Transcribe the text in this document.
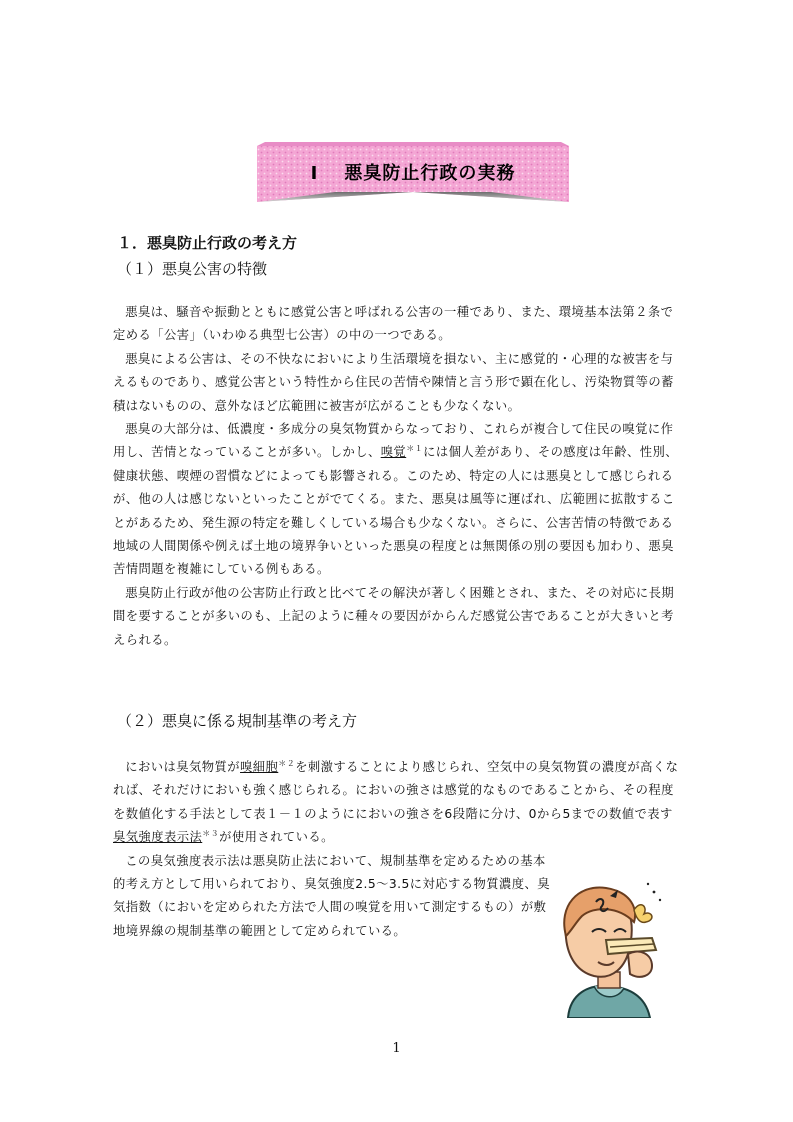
Ⅰ 悪臭防止行政の実務
１．悪臭防止行政の考え方
（１）悪臭公害の特徴

悪臭は、騒音や振動とともに感覚公害と呼ばれる公害の一種であり、また、環境基本法第２条で定める「公害」（いわゆる典型七公害）の中の一つである。

悪臭による公害は、その不快なにおいにより生活環境を損ない、主に感覚的・心理的な被害を与えるものであり、感覚公害という特性から住民の苦情や陳情と言う形で顕在化し、汚染物質等の蓄積はないものの、意外なほど広範囲に被害が広がることも少なくない。

悪臭の大部分は、低濃度・多成分の臭気物質からなっており、これらが複合して住民の嗅覚に作用し、苦情となっていることが多い。しかし、嗅覚$^{*1}$には個人差があり、その感度は年齢、性別、健康状態、喫煙の習慣などによっても影響される。このため、特定の人には悪臭として感じられるが、他の人は感じないといったことがでてくる。また、悪臭は風等に運ばれ、広範囲に拡散することがあるため、発生源の特定を難しくしている場合も少なくない。さらに、公害苦情の特徴である地域の人間関係や例えば土地の境界争いといった悪臭の程度とは無関係の別の要因も加わり、悪臭苦情問題を複雑にしている例もある。

悪臭防止行政が他の公害防止行政と比べてその解決が著しく困難とされ、また、その対応に長期間を要することが多いのも、上記のように種々の要因がからんだ感覚公害であることが大きいと考えられる。

（２）悪臭に係る規制基準の考え方

においは臭気物質が嗅細胞$^{*2}$を刺激することにより感じられ、空気中の臭気物質の濃度が高くなれば、それだけにおいも強く感じられる。においの強さは感覚的なものであることから、その程度を数値化する手法として表１－１のようににおいの強さを6段階に分け、0から5までの数値で表す臭気強度表示法$^{*3}$が使用されている。

この臭気強度表示法は悪臭防止法において、規制基準を定めるための基本的考え方として用いられており、臭気強度2.5～3.5に対応する物質濃度、臭気指数（においを定められた方法で人間の嗅覚を用いて測定するもの）が敷地境界線の規制基準の範囲として定められている。

1
